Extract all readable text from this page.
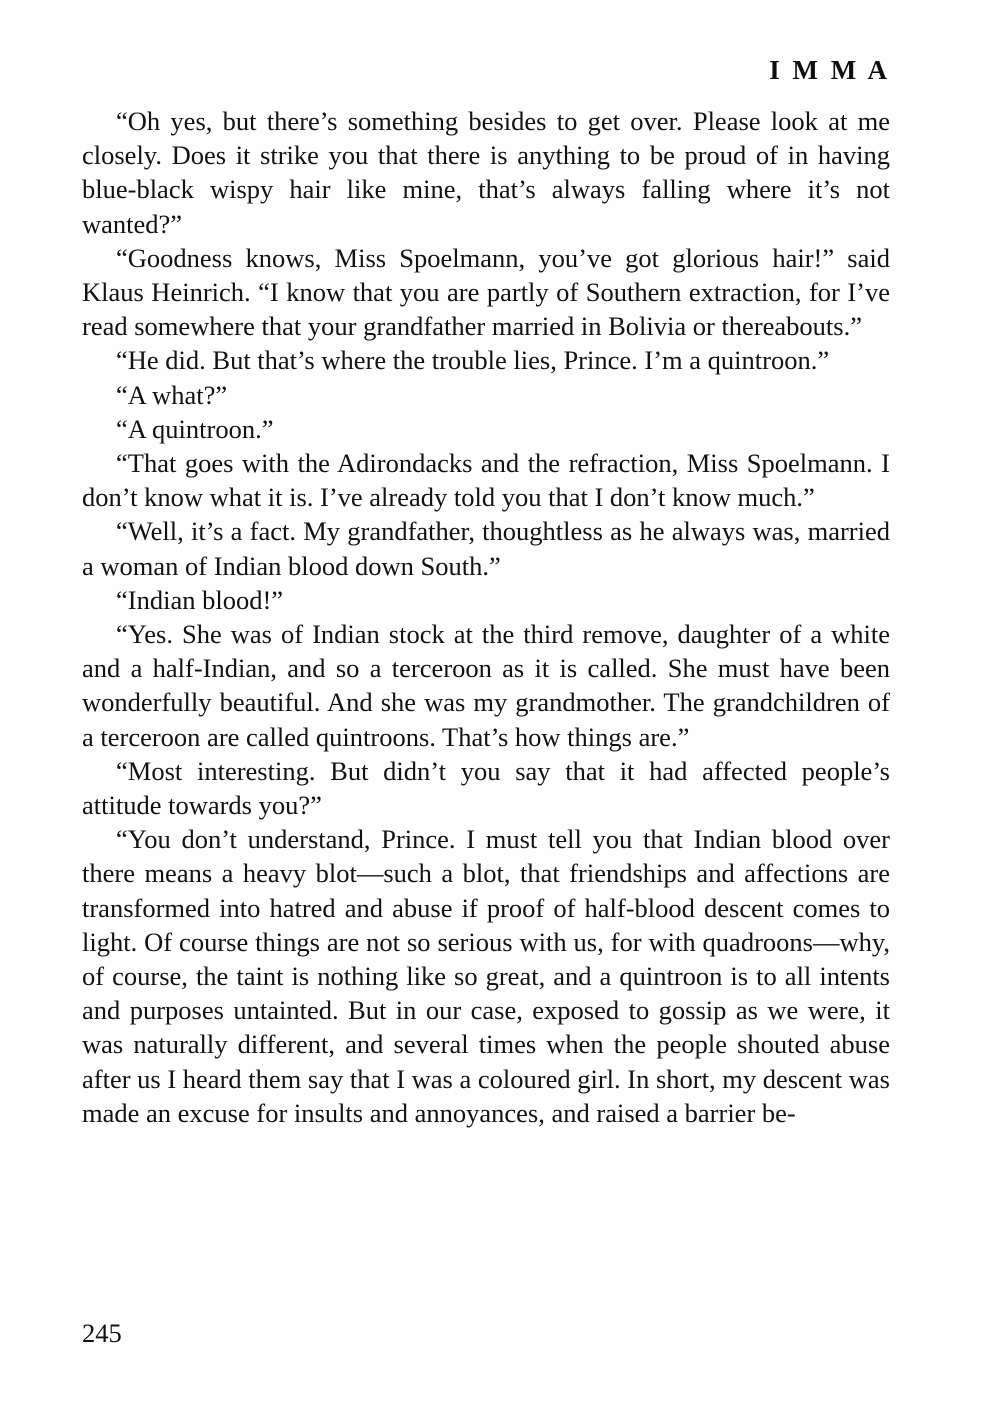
I M M A

“Oh yes, but there’s something besides to get over. Please look at me closely. Does it strike you that there is anything to be proud of in having blue-black wispy hair like mine, that’s always falling where it’s not wanted?”

“Goodness knows, Miss Spoelmann, you’ve got glorious hair!” said Klaus Heinrich. “I know that you are partly of Southern extraction, for I’ve read somewhere that your grandfather married in Bolivia or thereabouts.”

“He did. But that’s where the trouble lies, Prince. I’m a quintroon.”

“A what?”

“A quintroon.”

“That goes with the Adirondacks and the refraction, Miss Spoelmann. I don’t know what it is. I’ve already told you that I don’t know much.”

“Well, it’s a fact. My grandfather, thoughtless as he always was, married a woman of Indian blood down South.”

“Indian blood!”

“Yes. She was of Indian stock at the third remove, daughter of a white and a half-Indian, and so a terceroon as it is called. She must have been wonderfully beautiful. And she was my grandmother. The grandchildren of a terceroon are called quintroons. That’s how things are.”

“Most interesting. But didn’t you say that it had affected people’s attitude towards you?”

“You don’t understand, Prince. I must tell you that Indian blood over there means a heavy blot—such a blot, that friendships and affections are transformed into hatred and abuse if proof of half-blood descent comes to light. Of course things are not so serious with us, for with quadroons—why, of course, the taint is nothing like so great, and a quintroon is to all intents and purposes untainted. But in our case, exposed to gossip as we were, it was naturally different, and several times when the people shouted abuse after us I heard them say that I was a coloured girl. In short, my descent was made an excuse for insults and annoyances, and raised a barrier be-

245
